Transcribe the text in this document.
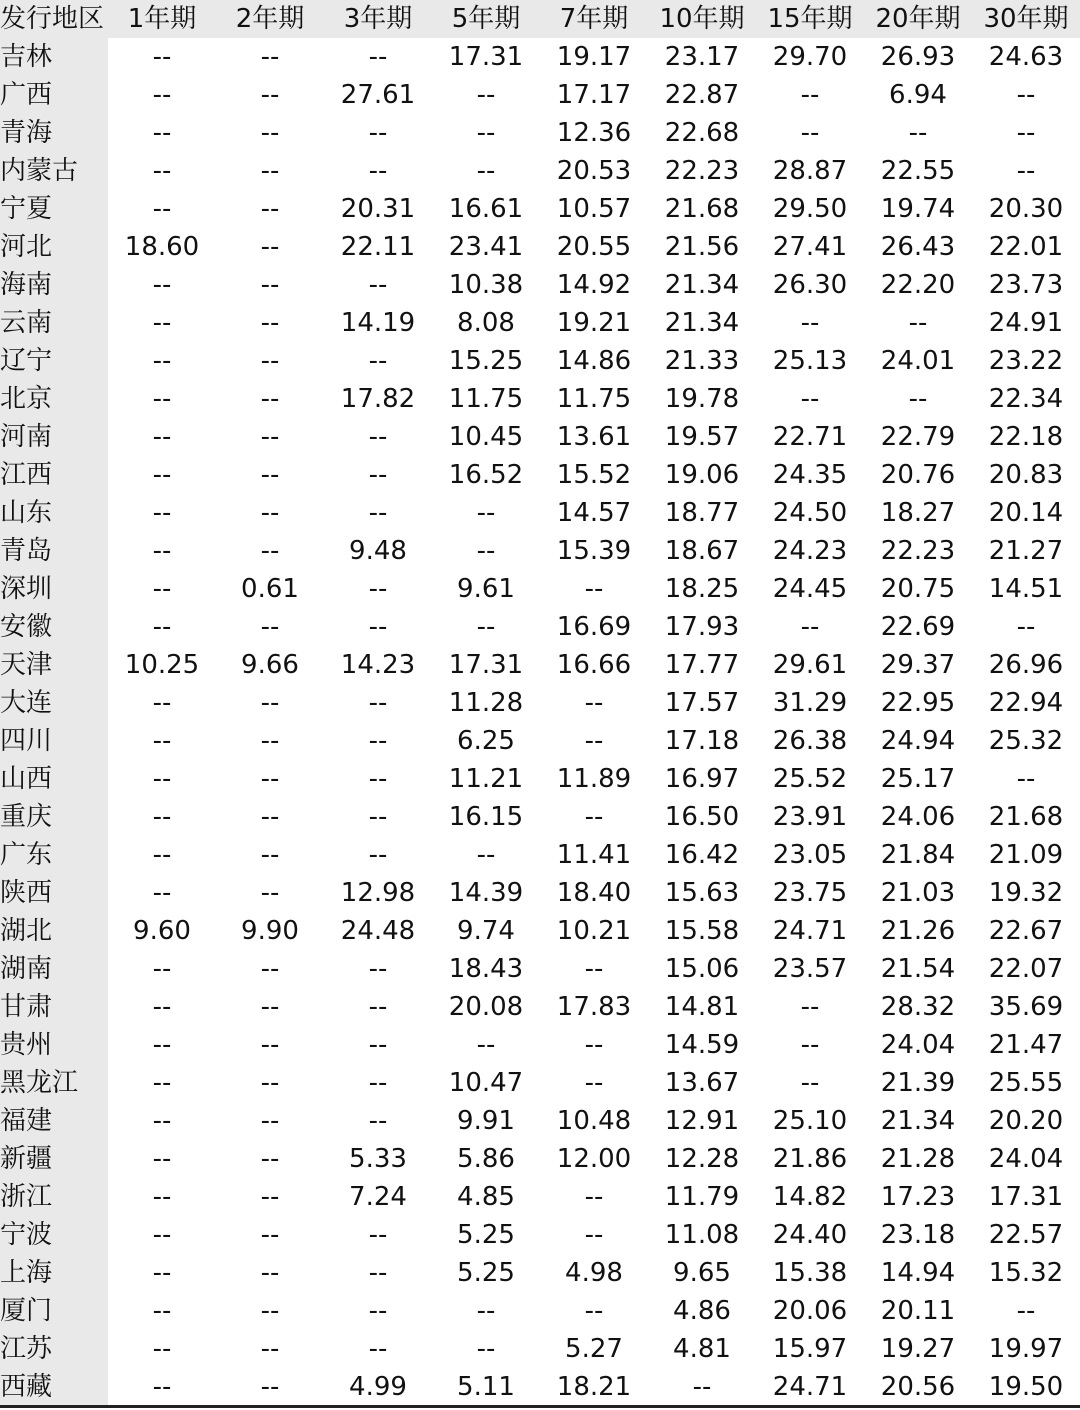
发行地区	1年期	2年期	3年期	5年期	7年期	10年期	15年期	20年期	30年期
吉林	--	--	--	17.31	19.17	23.17	29.70	26.93	24.63
广西	--	--	27.61	--	17.17	22.87	--	6.94	--
青海	--	--	--	--	12.36	22.68	--	--	--
内蒙古	--	--	--	--	20.53	22.23	28.87	22.55	--
宁夏	--	--	20.31	16.61	10.57	21.68	29.50	19.74	20.30
河北	18.60	--	22.11	23.41	20.55	21.56	27.41	26.43	22.01
海南	--	--	--	10.38	14.92	21.34	26.30	22.20	23.73
云南	--	--	14.19	8.08	19.21	21.34	--	--	24.91
辽宁	--	--	--	15.25	14.86	21.33	25.13	24.01	23.22
北京	--	--	17.82	11.75	11.75	19.78	--	--	22.34
河南	--	--	--	10.45	13.61	19.57	22.71	22.79	22.18
江西	--	--	--	16.52	15.52	19.06	24.35	20.76	20.83
山东	--	--	--	--	14.57	18.77	24.50	18.27	20.14
青岛	--	--	9.48	--	15.39	18.67	24.23	22.23	21.27
深圳	--	0.61	--	9.61	--	18.25	24.45	20.75	14.51
安徽	--	--	--	--	16.69	17.93	--	22.69	--
天津	10.25	9.66	14.23	17.31	16.66	17.77	29.61	29.37	26.96
大连	--	--	--	11.28	--	17.57	31.29	22.95	22.94
四川	--	--	--	6.25	--	17.18	26.38	24.94	25.32
山西	--	--	--	11.21	11.89	16.97	25.52	25.17	--
重庆	--	--	--	16.15	--	16.50	23.91	24.06	21.68
广东	--	--	--	--	11.41	16.42	23.05	21.84	21.09
陕西	--	--	12.98	14.39	18.40	15.63	23.75	21.03	19.32
湖北	9.60	9.90	24.48	9.74	10.21	15.58	24.71	21.26	22.67
湖南	--	--	--	18.43	--	15.06	23.57	21.54	22.07
甘肃	--	--	--	20.08	17.83	14.81	--	28.32	35.69
贵州	--	--	--	--	--	14.59	--	24.04	21.47
黑龙江	--	--	--	10.47	--	13.67	--	21.39	25.55
福建	--	--	--	9.91	10.48	12.91	25.10	21.34	20.20
新疆	--	--	5.33	5.86	12.00	12.28	21.86	21.28	24.04
浙江	--	--	7.24	4.85	--	11.79	14.82	17.23	17.31
宁波	--	--	--	5.25	--	11.08	24.40	23.18	22.57
上海	--	--	--	5.25	4.98	9.65	15.38	14.94	15.32
厦门	--	--	--	--	--	4.86	20.06	20.11	--
江苏	--	--	--	--	5.27	4.81	15.97	19.27	19.97
西藏	--	--	4.99	5.11	18.21	--	24.71	20.56	19.50
